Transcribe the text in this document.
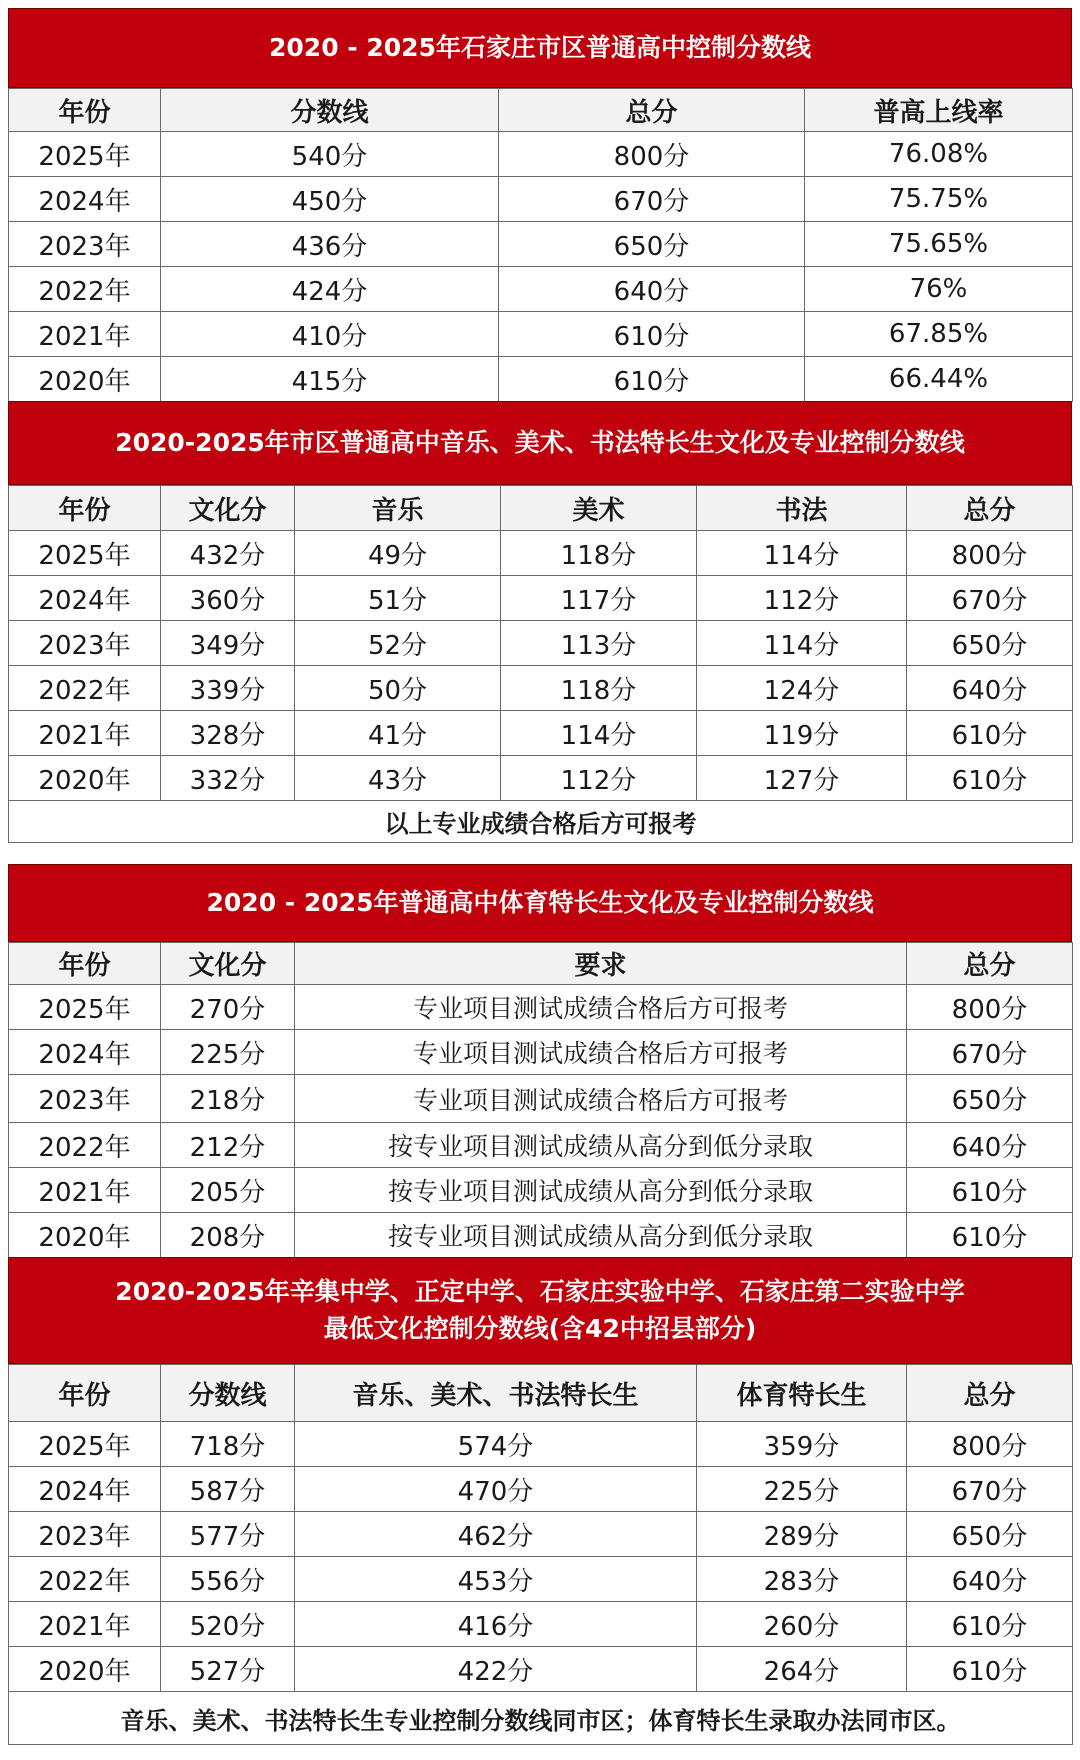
2020 - 2025年石家庄市区普通高中控制分数线
年份	分数线	总分	普高上线率
2025年	540分	800分	76.08%
2024年	450分	670分	75.75%
2023年	436分	650分	75.65%
2022年	424分	640分	76%
2021年	410分	610分	67.85%
2020年	415分	610分	66.44%
2020-2025年市区普通高中音乐、美术、书法特长生文化及专业控制分数线
年份	文化分	音乐	美术	书法	总分
2025年	432分	49分	118分	114分	800分
2024年	360分	51分	117分	112分	670分
2023年	349分	52分	113分	114分	650分
2022年	339分	50分	118分	124分	640分
2021年	328分	41分	114分	119分	610分
2020年	332分	43分	112分	127分	610分
以上专业成绩合格后方可报考					
2020 - 2025年普通高中体育特长生文化及专业控制分数线
年份	文化分	要求	总分
2025年	270分	专业项目测试成绩合格后方可报考	800分
2024年	225分	专业项目测试成绩合格后方可报考	670分
2023年	218分	专业项目测试成绩合格后方可报考	650分
2022年	212分	按专业项目测试成绩从高分到低分录取	640分
2021年	205分	按专业项目测试成绩从高分到低分录取	610分
2020年	208分	按专业项目测试成绩从高分到低分录取	610分
2020-2025年辛集中学、正定中学、石家庄实验中学、石家庄第二实验中学
最低文化控制分数线(含42中招县部分)
年份	分数线	音乐、美术、书法特长生	体育特长生	总分
2025年	718分	574分	359分	800分
2024年	587分	470分	225分	670分
2023年	577分	462分	289分	650分
2022年	556分	453分	283分	640分
2021年	520分	416分	260分	610分
2020年	527分	422分	264分	610分
音乐、美术、书法特长生专业控制分数线同市区；体育特长生录取办法同市区。				
